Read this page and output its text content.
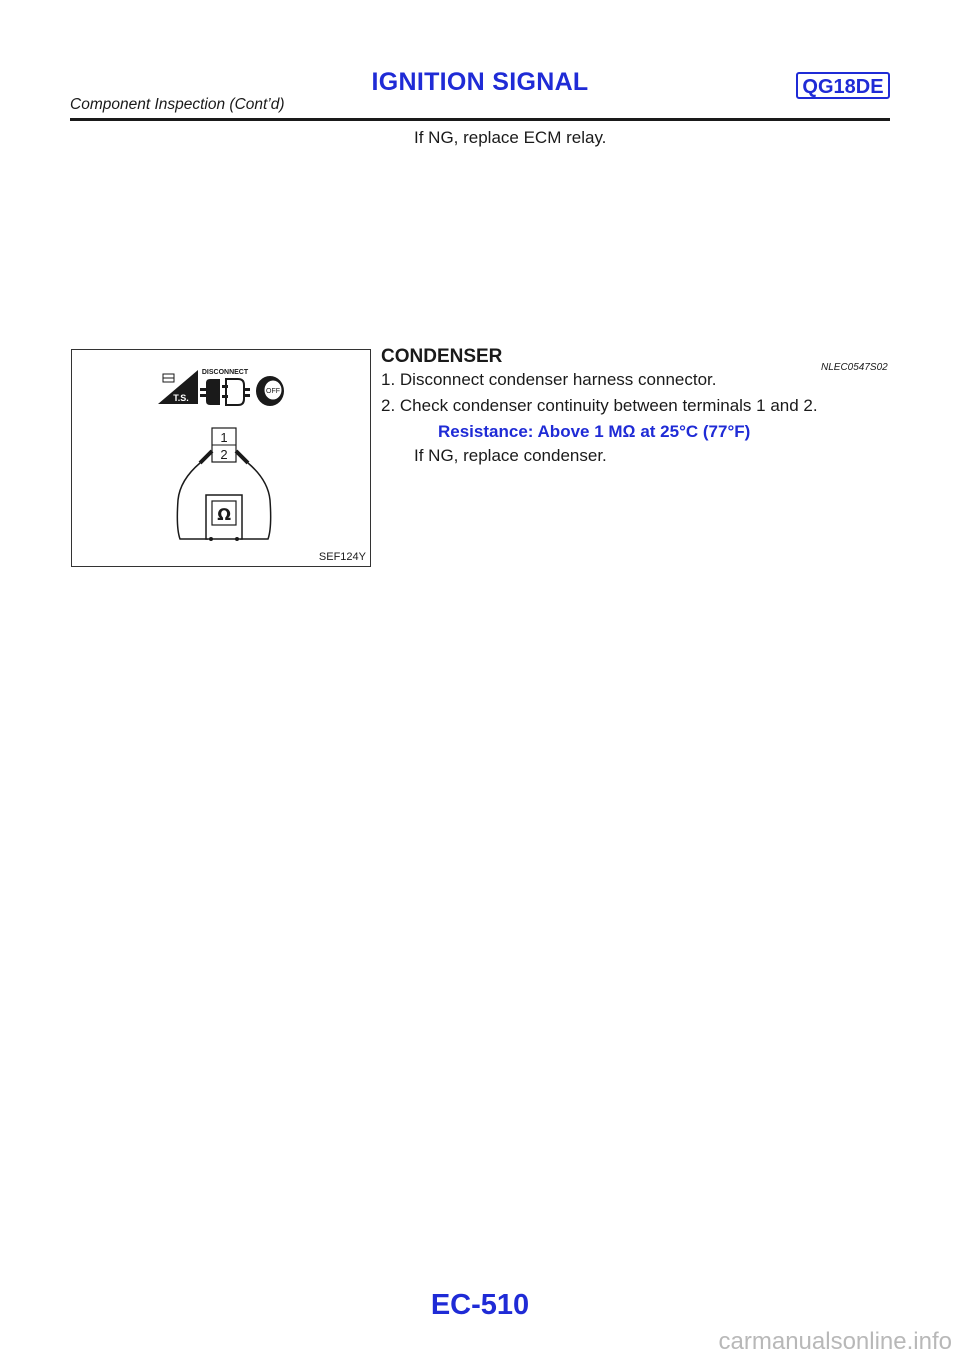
IGNITION SIGNAL	QG18DE
Component Inspection (Cont’d)
If NG, replace ECM relay.
T.S.
DISCONNECT
OFF
1
2
Ω
SEF124Y
CONDENSER
NLEC0547S02
1. Disconnect condenser harness connector.
2. Check condenser continuity between terminals 1 and 2.
Resistance: Above 1 MΩ at 25°C (77°F)
If NG, replace condenser.
EC-510
carmanualsonline.info
